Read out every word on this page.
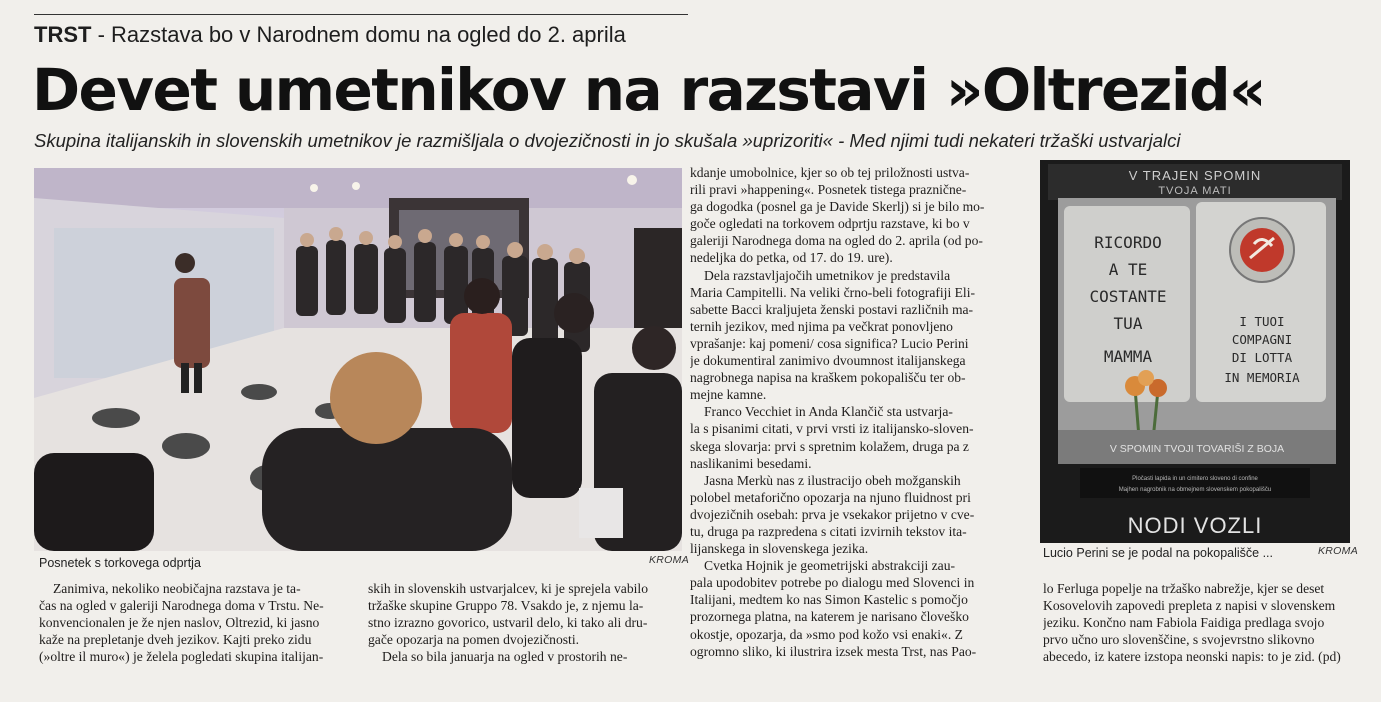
TRST - Razstava bo v Narodnem domu na ogled do 2. aprila
Devet umetnikov na razstavi »Oltrezid«
Skupina italijanskih in slovenskih umetnikov je razmišljala o dvojezičnosti in jo skušala »uprizoriti« - Med njimi tudi nekateri tržaški ustvarjalci
Posnetek s torkovega odprtja	KROMA
V TRAJEN SPOMIN
TVOJA MATI
RICORDO
A TE
COSTANTE
TUA
MAMMA
I TUOI
COMPAGNI
DI LOTTA
IN MEMORIA
V SPOMIN TVOJI TOVARIŠI Z BOJA
Pločasti lapida in un cimitero sloveno di confine
Majhen nagrobnik na obmejnem slovenskem pokopališču
NODI VOZLI
Lucio Perini se je podal na pokopališče ...	KROMA
kdanje umobolnice, kjer so ob tej priložnosti ustva-
rili pravi »happening«. Posnetek tistega praznične-
ga dogodka (posnel ga je Davide Skerlj) si je bilo mo-
goče ogledati na torkovem odprtju razstave, ki bo v
galeriji Narodnega doma na ogled do 2. aprila (od po-
nedeljka do petka, od 17. do 19. ure).
Dela razstavljajočih umetnikov je predstavila
Maria Campitelli. Na veliki črno-beli fotografiji Eli-
sabette Bacci kraljujeta ženski postavi različnih ma-
ternih jezikov, med njima pa večkrat ponovljeno
vprašanje: kaj pomeni/ cosa significa? Lucio Perini
je dokumentiral zanimivo dvoumnost italijanskega
nagrobnega napisa na kraškem pokopališču ter ob-
mejne kamne.
Franco Vecchiet in Anda Klančič sta ustvarja-
la s pisanimi citati, v prvi vrsti iz italijansko-sloven-
skega slovarja: prvi s spretnim kolažem, druga pa z
naslikanimi besedami.
Jasna Merkù nas z ilustracijo obeh možganskih
polobel metaforično opozarja na njuno fluidnost pri
dvojezičnih osebah: prva je vsekakor prijetno v cve-
tu, druga pa razpredena s citati izvirnih tekstov ita-
lijanskega in slovenskega jezika.
Cvetka Hojnik je geometrijski abstrakciji zau-
pala upodobitev potrebe po dialogu med Slovenci in
Italijani, medtem ko nas Simon Kastelic s pomočjo
prozornega platna, na katerem je narisano človeško
okostje, opozarja, da »smo pod kožo vsi enaki«. Z
ogromno sliko, ki ilustrira izsek mesta Trst, nas Pao-
Zanimiva, nekoliko neobičajna razstava je ta-
čas na ogled v galeriji Narodnega doma v Trstu. Ne-
konvencionalen je že njen naslov, Oltrezid, ki jasno
kaže na prepletanje dveh jezikov. Kajti preko zidu
(»oltre il muro«) je želela pogledati skupina italijan-
skih in slovenskih ustvarjalcev, ki je sprejela vabilo
tržaške skupine Gruppo 78. Vsakdo je, z njemu la-
stno izrazno govorico, ustvaril delo, ki tako ali dru-
gače opozarja na pomen dvojezičnosti.
Dela so bila januarja na ogled v prostorih ne-
lo Ferluga popelje na tržaško nabrežje, kjer se deset
Kosovelovih zapovedi prepleta z napisi v slovenskem
jeziku. Končno nam Fabiola Faidiga predlaga svojo
prvo učno uro slovenščine, s svojevrstno slikovno
abecedo, iz katere izstopa neonski napis: to je zid. (pd)
